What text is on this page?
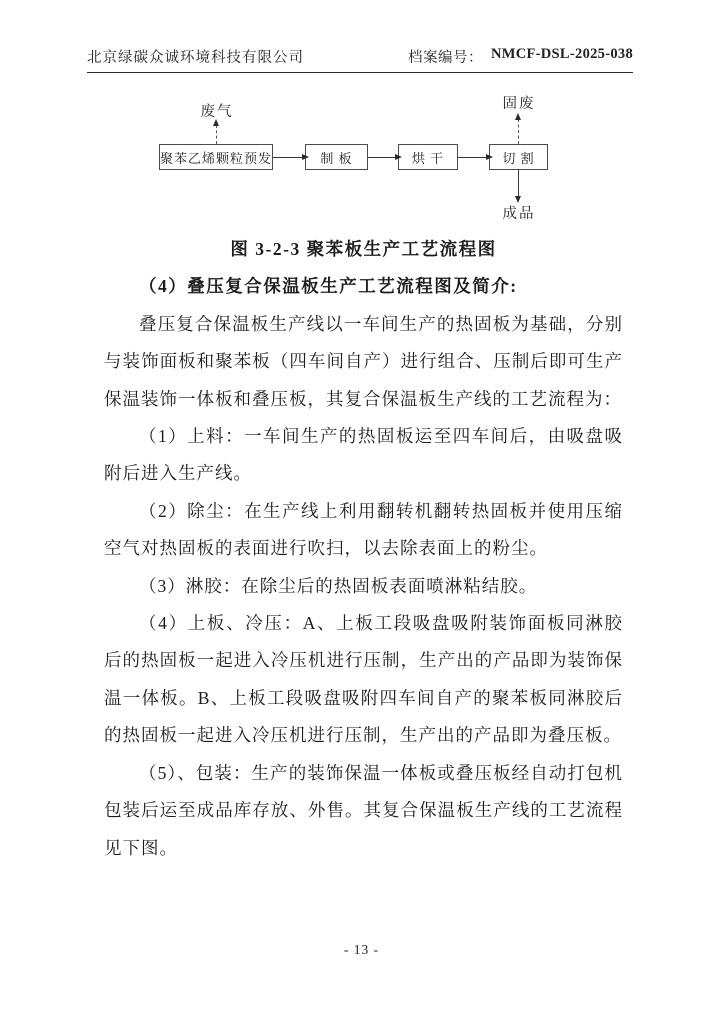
北京绿碳众诚环境科技有限公司	档案编号： NMCF-DSL-2025-038
废气	固废
成品
聚苯乙烯颗粒预发	制 板	烘 干	切 割

图 3-2-3 聚苯板生产工艺流程图

（4）叠压复合保温板生产工艺流程图及简介:

叠压复合保温板生产线以一车间生产的热固板为基础，分别与装饰面板和聚苯板（四车间自产）进行组合、压制后即可生产保温装饰一体板和叠压板，其复合保温板生产线的工艺流程为：

（1）上料：一车间生产的热固板运至四车间后，由吸盘吸附后进入生产线。

（2）除尘：在生产线上利用翻转机翻转热固板并使用压缩空气对热固板的表面进行吹扫，以去除表面上的粉尘。

（3）淋胶：在除尘后的热固板表面喷淋粘结胶。

（4）上板、冷压：A、上板工段吸盘吸附装饰面板同淋胶后的热固板一起进入冷压机进行压制，生产出的产品即为装饰保温一体板。B、上板工段吸盘吸附四车间自产的聚苯板同淋胶后的热固板一起进入冷压机进行压制，生产出的产品即为叠压板。

（5）、包装：生产的装饰保温一体板或叠压板经自动打包机包装后运至成品库存放、外售。其复合保温板生产线的工艺流程见下图。

- 13 -
